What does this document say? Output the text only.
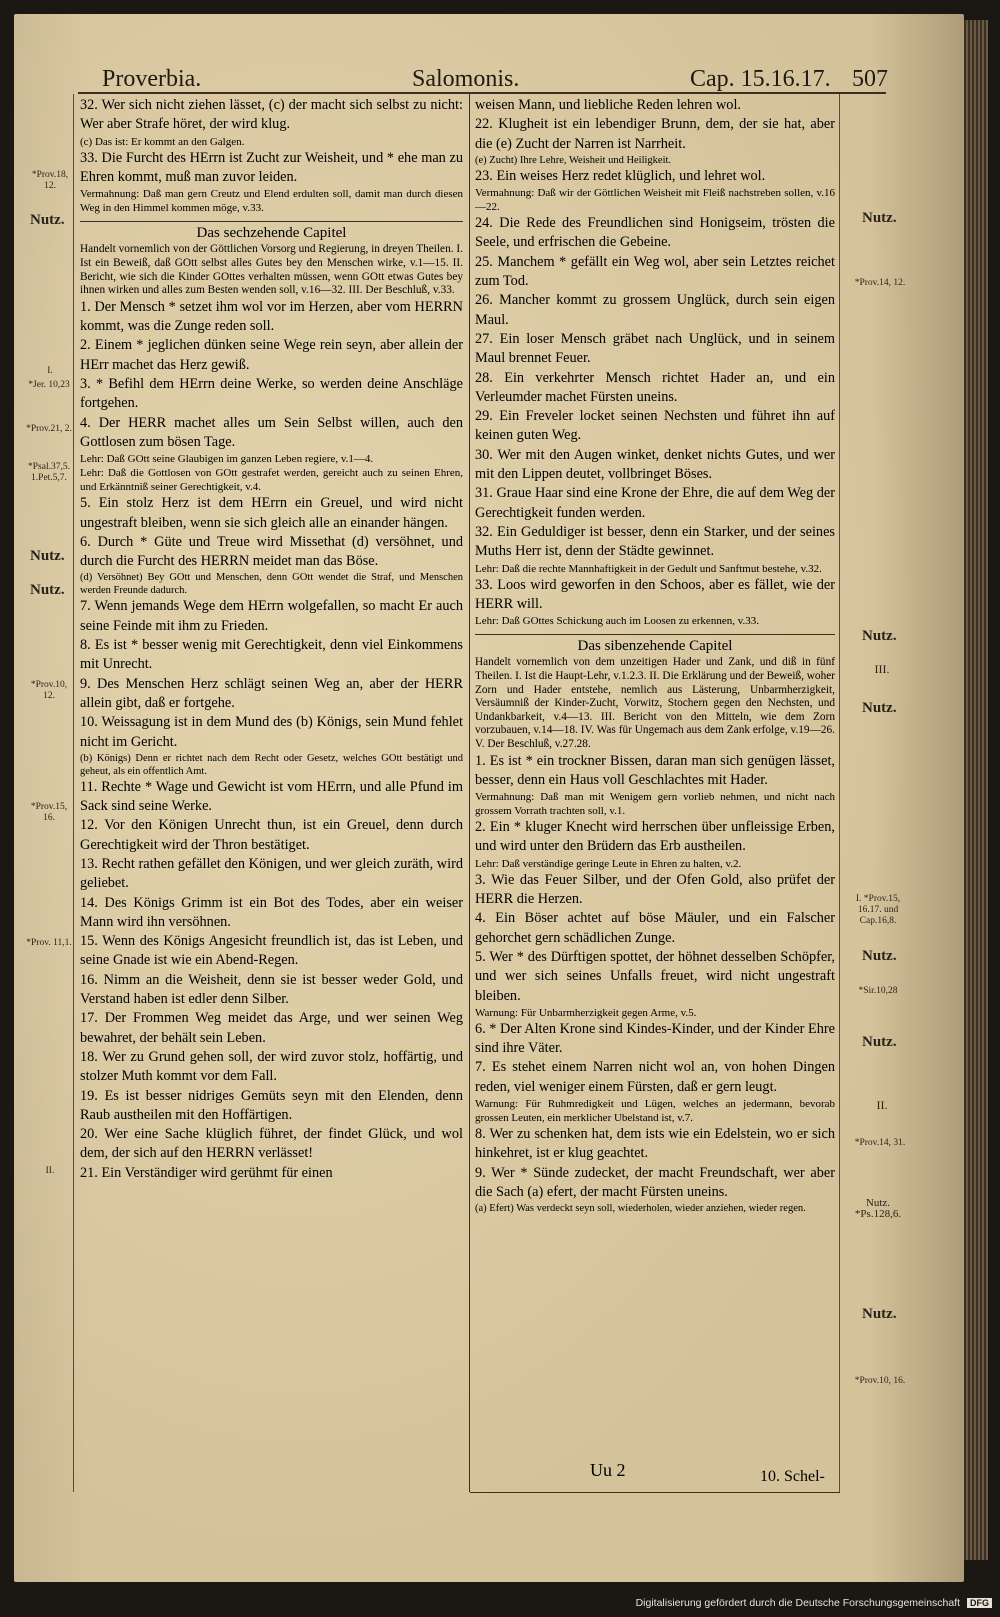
Proverbia.	Salomonis.	Cap. 15.16.17. 507

32. Wer sich nicht ziehen lässet, (c) der macht sich selbst zu nicht: Wer aber Strafe höret, der wird klug.

(c) Das ist: Er kommt an den Galgen.

33. Die Furcht des HErrn ist Zucht zur Weisheit, und * ehe man zu Ehren kommt, muß man zuvor leiden.

Vermahnung: Daß man gern Creutz und Elend erdulten soll, damit man durch diesen Weg in den Himmel kommen möge, v.33.

Das sechzehende Capitel

Handelt vornemlich von der Göttlichen Vorsorg und Regierung, in dreyen Theilen. I. Ist ein Beweiß, daß GOtt selbst alles Gutes bey den Menschen wirke, v.1—15. II. Bericht, wie sich die Kinder GOttes verhalten müssen, wenn GOtt etwas Gutes bey ihnen wirken und alles zum Besten wenden soll, v.16—32. III. Der Beschluß, v.33.

1. Der Mensch * setzet ihm wol vor im Herzen, aber vom HERRN kommt, was die Zunge reden soll.

2. Einem * jeglichen dünken seine Wege rein seyn, aber allein der HErr machet das Herz gewiß.

3. * Befihl dem HErrn deine Werke, so werden deine Anschläge fortgehen.

4. Der HERR machet alles um Sein Selbst willen, auch den Gottlosen zum bösen Tage.

Lehr: Daß GOtt seine Glaubigen im ganzen Leben regiere, v.1—4.

Lehr: Daß die Gottlosen von GOtt gestrafet werden, gereicht auch zu seinen Ehren, und Erkänntniß seiner Gerechtigkeit, v.4.

5. Ein stolz Herz ist dem HErrn ein Greuel, und wird nicht ungestraft bleiben, wenn sie sich gleich alle an einander hängen.

6. Durch * Güte und Treue wird Missethat (d) versöhnet, und durch die Furcht des HERRN meidet man das Böse.

(d) Versöhnet) Bey GOtt und Menschen, denn GOtt wendet die Straf, und Menschen werden Freunde dadurch.

7. Wenn jemands Wege dem HErrn wolgefallen, so macht Er auch seine Feinde mit ihm zu Frieden.

8. Es ist * besser wenig mit Gerechtigkeit, denn viel Einkommens mit Unrecht.

9. Des Menschen Herz schlägt seinen Weg an, aber der HERR allein gibt, daß er fortgehe.

10. Weissagung ist in dem Mund des (b) Königs, sein Mund fehlet nicht im Gericht.

(b) Königs) Denn er richtet nach dem Recht oder Gesetz, welches GOtt bestätigt und geheut, als ein offentlich Amt.

11. Rechte * Wage und Gewicht ist vom HErrn, und alle Pfund im Sack sind seine Werke.

12. Vor den Königen Unrecht thun, ist ein Greuel, denn durch Gerechtigkeit wird der Thron bestätiget.

13. Recht rathen gefället den Königen, und wer gleich zuräth, wird geliebet.

14. Des Königs Grimm ist ein Bot des Todes, aber ein weiser Mann wird ihn versöhnen.

15. Wenn des Königs Angesicht freundlich ist, das ist Leben, und seine Gnade ist wie ein Abend-Regen.

16. Nimm an die Weisheit, denn sie ist besser weder Gold, und Verstand haben ist edler denn Silber.

17. Der Frommen Weg meidet das Arge, und wer seinen Weg bewahret, der behält sein Leben.

18. Wer zu Grund gehen soll, der wird zuvor stolz, hoffärtig, und stolzer Muth kommt vor dem Fall.

19. Es ist besser nidriges Gemüts seyn mit den Elenden, denn Raub austheilen mit den Hoffärtigen.

20. Wer eine Sache klüglich führet, der findet Glück, und wol dem, der sich auf den HERRN verlässet!

21. Ein Verständiger wird gerühmt für einen

weisen Mann, und liebliche Reden lehren wol.

22. Klugheit ist ein lebendiger Brunn, dem, der sie hat, aber die (e) Zucht der Narren ist Narrheit.

(e) Zucht) Ihre Lehre, Weisheit und Heiligkeit.

23. Ein weises Herz redet klüglich, und lehret wol.

Vermahnung: Daß wir der Göttlichen Weisheit mit Fleiß nachstreben sollen, v.16—22.

24. Die Rede des Freundlichen sind Honigseim, trösten die Seele, und erfrischen die Gebeine.

25. Manchem * gefällt ein Weg wol, aber sein Letztes reichet zum Tod.

26. Mancher kommt zu grossem Unglück, durch sein eigen Maul.

27. Ein loser Mensch gräbet nach Unglück, und in seinem Maul brennet Feuer.

28. Ein verkehrter Mensch richtet Hader an, und ein Verleumder machet Fürsten uneins.

29. Ein Freveler locket seinen Nechsten und führet ihn auf keinen guten Weg.

30. Wer mit den Augen winket, denket nichts Gutes, und wer mit den Lippen deutet, vollbringet Böses.

31. Graue Haar sind eine Krone der Ehre, die auf dem Weg der Gerechtigkeit funden werden.

32. Ein Geduldiger ist besser, denn ein Starker, und der seines Muths Herr ist, denn der Städte gewinnet.

Lehr: Daß die rechte Mannhaftigkeit in der Gedult und Sanftmut bestehe, v.32.

33. Loos wird geworfen in den Schoos, aber es fället, wie der HERR will.

Lehr: Daß GOttes Schickung auch im Loosen zu erkennen, v.33.

Das sibenzehende Capitel

Handelt vornemlich von dem unzeitigen Hader und Zank, und diß in fünf Theilen. I. Ist die Haupt-Lehr, v.1.2.3. II. Die Erklärung und der Beweiß, woher Zorn und Hader entstehe, nemlich aus Lästerung, Unbarmherzigkeit, Versäumniß der Kinder-Zucht, Vorwitz, Stochern gegen den Nechsten, und Undankbarkeit, v.4—13. III. Bericht von den Mitteln, wie dem Zorn vorzubauen, v.14—18. IV. Was für Ungemach aus dem Zank erfolge, v.19—26. V. Der Beschluß, v.27.28.

1. Es ist * ein trockner Bissen, daran man sich genügen lässet, besser, denn ein Haus voll Geschlachtes mit Hader.

Vermahnung: Daß man mit Wenigem gern vorlieb nehmen, und nicht nach grossem Vorrath trachten soll, v.1.

2. Ein * kluger Knecht wird herrschen über unfleissige Erben, und wird unter den Brüdern das Erb austheilen.

Lehr: Daß verständige geringe Leute in Ehren zu halten, v.2.

3. Wie das Feuer Silber, und der Ofen Gold, also prüfet der HERR die Herzen.

4. Ein Böser achtet auf böse Mäuler, und ein Falscher gehorchet gern schädlichen Zunge.

5. Wer * des Dürftigen spottet, der höhnet desselben Schöpfer, und wer sich seines Unfalls freuet, wird nicht ungestraft bleiben.

Warnung: Für Unbarmherzigkeit gegen Arme, v.5.

6. * Der Alten Krone sind Kindes-Kinder, und der Kinder Ehre sind ihre Väter.

7. Es stehet einem Narren nicht wol an, von hohen Dingen reden, viel weniger einem Fürsten, daß er gern leugt.

Warnung: Für Ruhmredigkeit und Lügen, welches an jedermann, bevorab grossen Leuten, ein merklicher Ubelstand ist, v.7.

8. Wer zu schenken hat, dem ists wie ein Edelstein, wo er sich hinkehret, ist er klug geachtet.

9. Wer * Sünde zudecket, der macht Freundschaft, wer aber die Sach (a) efert, der macht Fürsten uneins.

(a) Efert) Was verdeckt seyn soll, wiederholen, wieder anziehen, wieder regen.

*Prov.18, 12.
Nutz.
I.
*Jer. 10,23
*Prov.21, 2.
*Psal.37,5. 1.Pet.5,7.
Nutz.
Nutz.
*Prov.10, 12.
*Prov.15, 16.
*Prov. 11,1.
II.
Nutz.
*Prov.14, 12.
Nutz.
III.
Nutz.
I. *Prov.15, 16.17. und Cap.16,8.
Nutz.
*Sir.10,28
Nutz.
II.
*Prov.14, 31.
Nutz. *Ps.128,6.
Nutz.
*Prov.10, 16.
Uu 2	10. Schel-
Digitalisierung gefördert durch die Deutsche Forschungsgemeinschaft DFG
